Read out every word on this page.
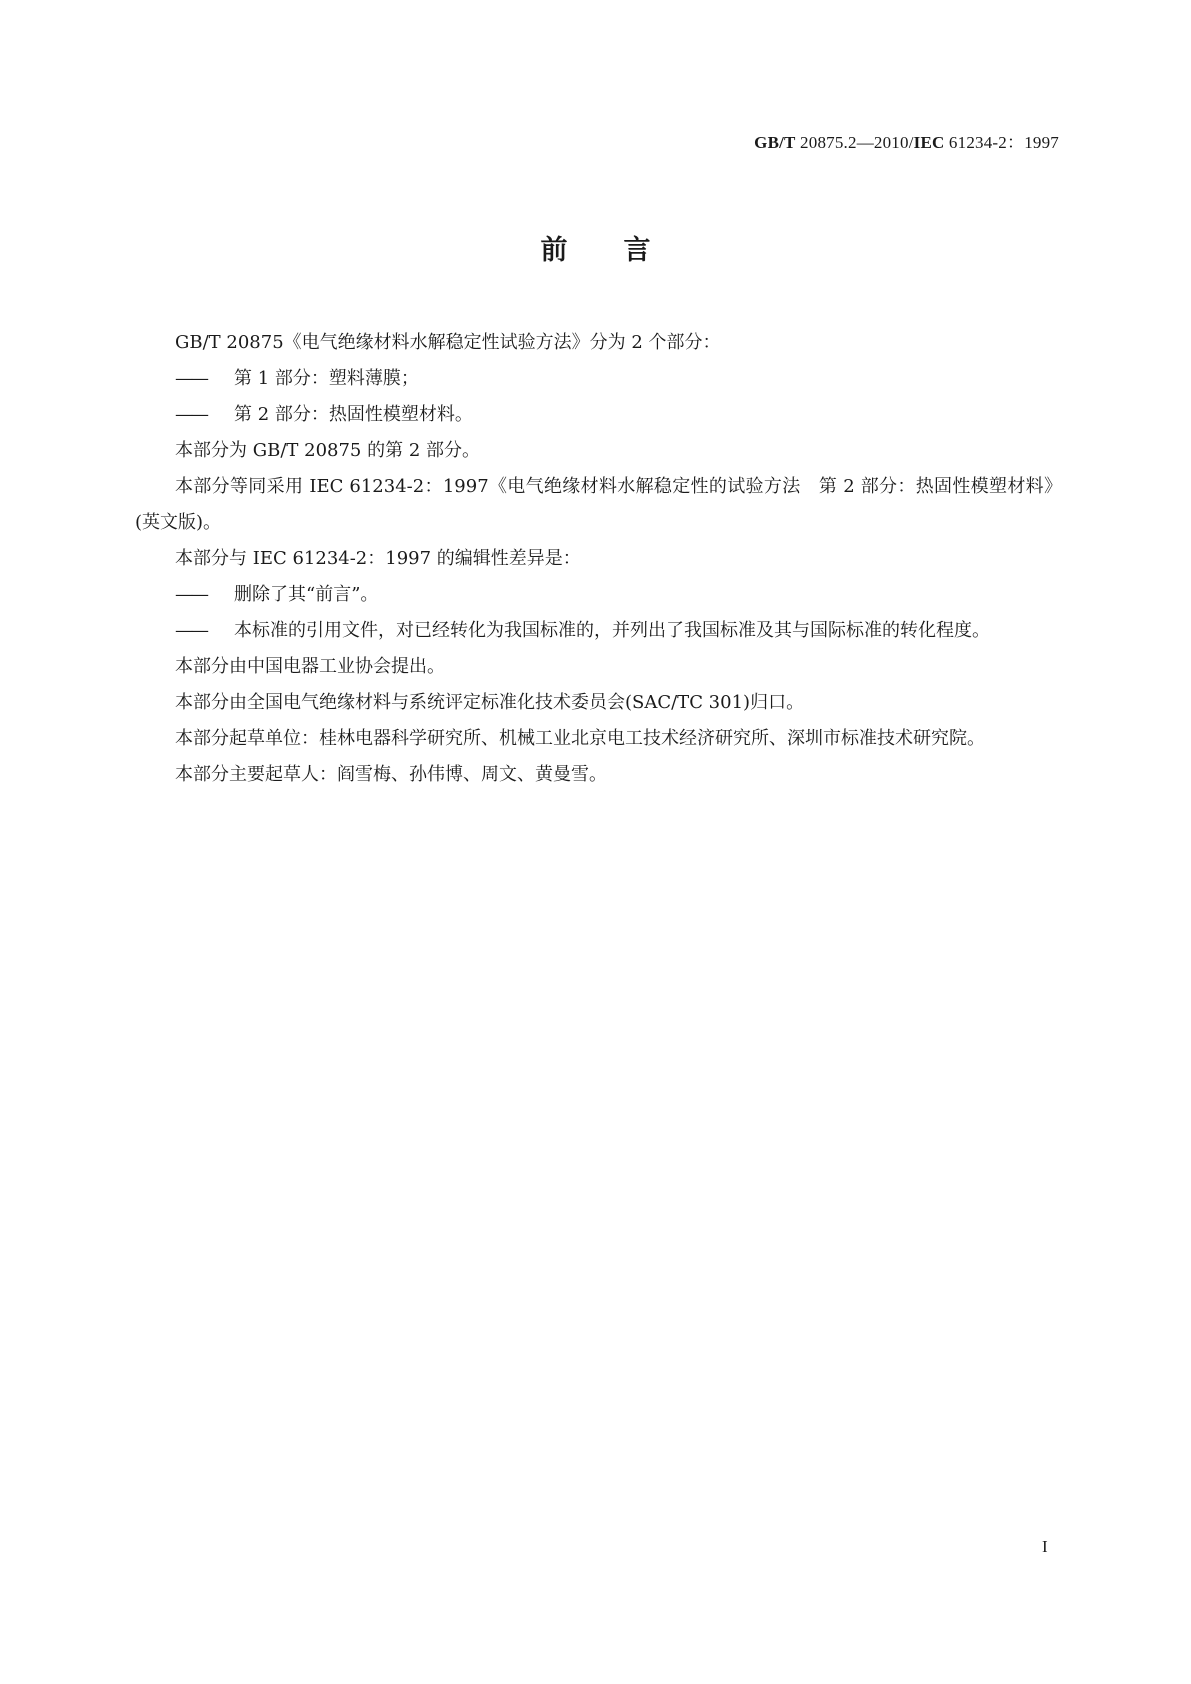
GB/T 20875.2—2010/IEC 61234-2：1997
前言

GB/T 20875《电气绝缘材料水解稳定性试验方法》分为 2 个部分：

—— 第 1 部分：塑料薄膜；

—— 第 2 部分：热固性模塑材料。

本部分为 GB/T 20875 的第 2 部分。

本部分等同采用 IEC 61234-2：1997《电气绝缘材料水解稳定性的试验方法　第 2 部分：热固性模塑材料》(英文版)。

本部分与 IEC 61234-2：1997 的编辑性差异是：

—— 删除了其“前言”。

—— 本标准的引用文件，对已经转化为我国标准的，并列出了我国标准及其与国际标准的转化程度。

本部分由中国电器工业协会提出。

本部分由全国电气绝缘材料与系统评定标准化技术委员会(SAC/TC 301)归口。

本部分起草单位：桂林电器科学研究所、机械工业北京电工技术经济研究所、深圳市标准技术研究院。

本部分主要起草人：阎雪梅、孙伟博、周文、黄曼雪。

I
